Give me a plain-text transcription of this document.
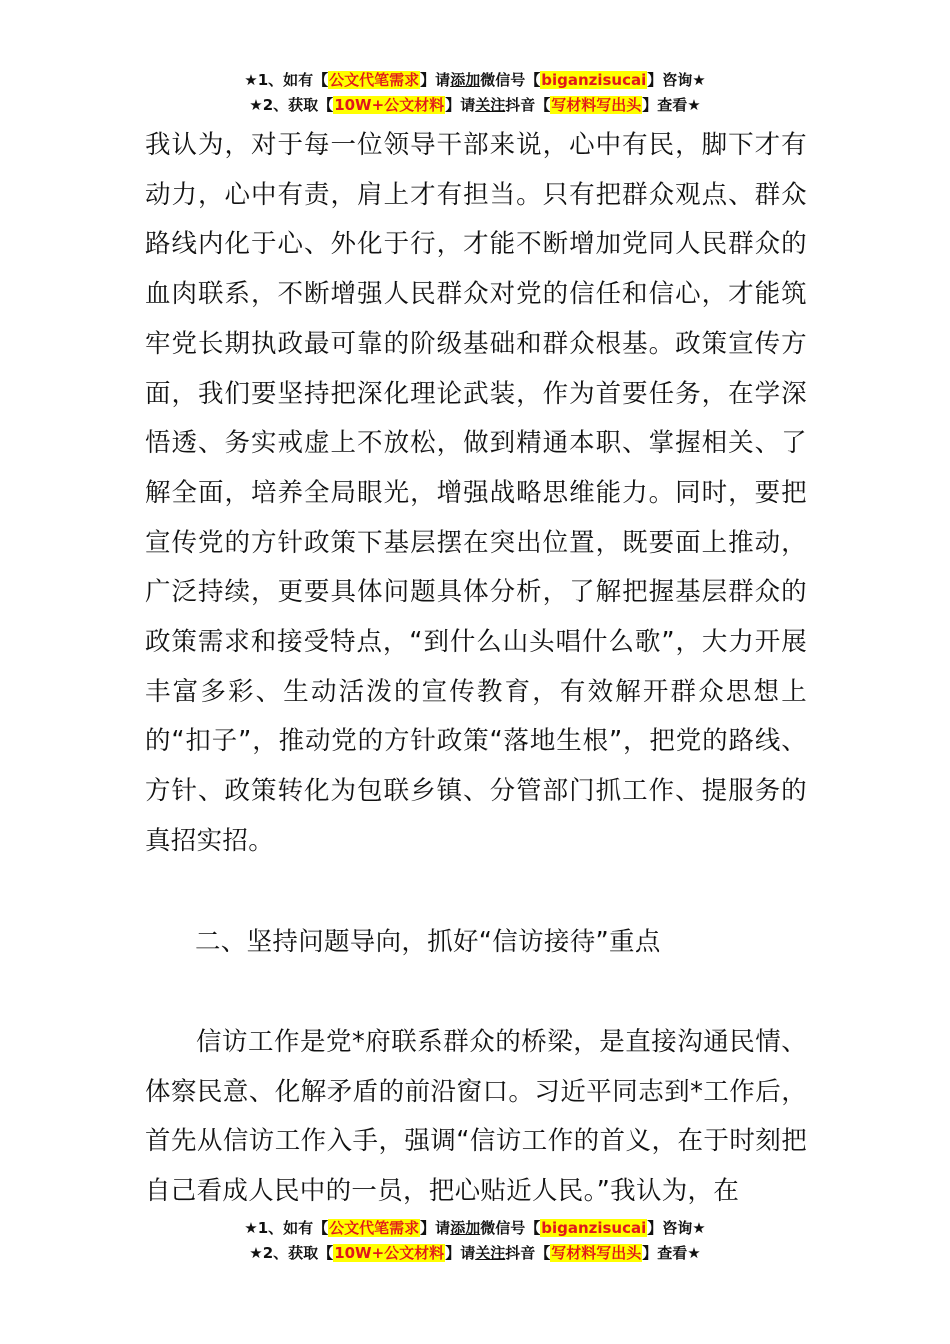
★1、如有【公文代笔需求】请添加微信号【biganzisucai】咨询★
★2、获取【10W+公文材料】请关注抖音【写材料写出头】查看★

我认为，对于每一位领导干部来说，心中有民，脚下才有动力，心中有责，肩上才有担当。只有把群众观点、群众路线内化于心、外化于行，才能不断增加党同人民群众的血肉联系，不断增强人民群众对党的信任和信心，才能筑牢党长期执政最可靠的阶级基础和群众根基。政策宣传方面，我们要坚持把深化理论武装，作为首要任务，在学深悟透、务实戒虚上不放松，做到精通本职、掌握相关、了解全面，培养全局眼光，增强战略思维能力。同时，要把宣传党的方针政策下基层摆在突出位置，既要面上推动，广泛持续，更要具体问题具体分析，了解把握基层群众的政策需求和接受特点，“到什么山头唱什么歌”，大力开展丰富多彩、生动活泼的宣传教育，有效解开群众思想上的“扣子”，推动党的方针政策“落地生根”，把党的路线、方针、政策转化为包联乡镇、分管部门抓工作、提服务的真招实招。

二、坚持问题导向，抓好“信访接待”重点

信访工作是党*府联系群众的桥梁，是直接沟通民情、体察民意、化解矛盾的前沿窗口。习近平同志到*工作后，首先从信访工作入手，强调“信访工作的首义，在于时刻把自己看成人民中的一员，把心贴近人民。”我认为，在

★1、如有【公文代笔需求】请添加微信号【biganzisucai】咨询★
★2、获取【10W+公文材料】请关注抖音【写材料写出头】查看★
